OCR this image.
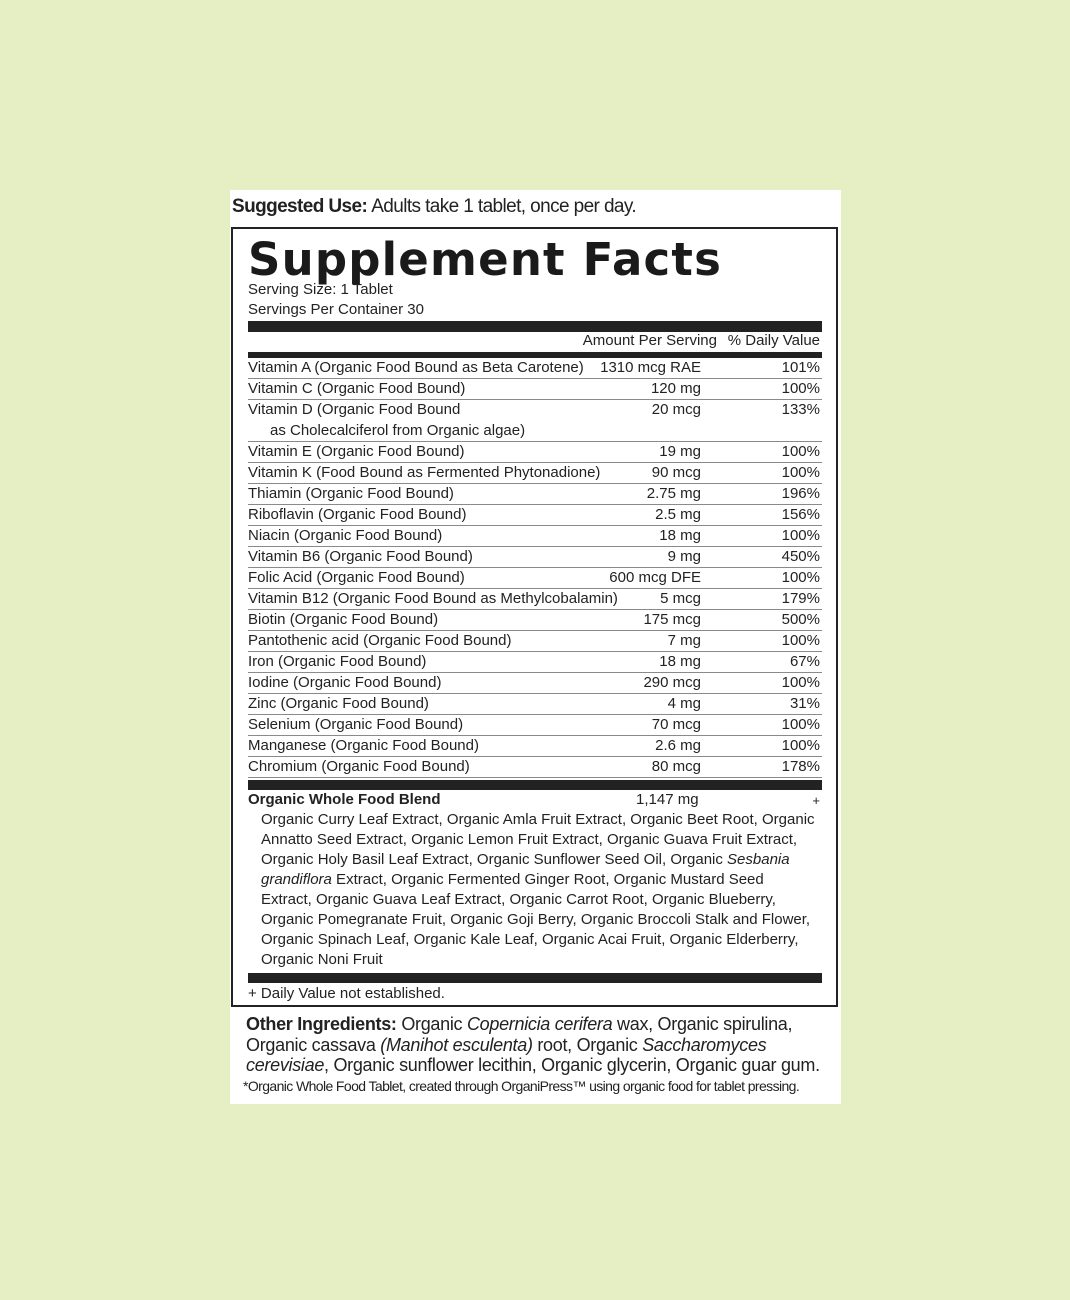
Suggested Use: Adults take 1 tablet, once per day.
Supplement Facts
Serving Size: 1 Tablet
Servings Per Container 30
Amount Per Serving % Daily Value
Vitamin A (Organic Food Bound as Beta Carotene) 1310 mcg RAE	101%
Vitamin C (Organic Food Bound)	120 mg	100%
Vitamin D (Organic Food Bound
as Cholecalciferol from Organic algae)
20 mcg	133%
Vitamin E (Organic Food Bound)	19 mg	100%
Vitamin K (Food Bound as Fermented Phytonadione)	90 mcg	100%
Thiamin (Organic Food Bound)	2.75 mg	196%
Riboflavin (Organic Food Bound)	2.5 mg	156%
Niacin (Organic Food Bound)	18 mg	100%
Vitamin B6 (Organic Food Bound)	9 mg	450%
Folic Acid (Organic Food Bound)	600 mcg DFE	100%
Vitamin B12 (Organic Food Bound as Methylcobalamin)	5 mcg	179%
Biotin (Organic Food Bound)	175 mcg	500%
Pantothenic acid (Organic Food Bound)	7 mg	100%
Iron (Organic Food Bound)	18 mg	67%
Iodine (Organic Food Bound)	290 mcg	100%
Zinc (Organic Food Bound)	4 mg	31%
Selenium (Organic Food Bound)	70 mcg	100%
Manganese (Organic Food Bound)	2.6 mg	100%
Chromium (Organic Food Bound)	80 mcg	178%
Organic Whole Food Blend	1,147 mg	+
Organic Curry Leaf Extract, Organic Amla Fruit Extract, Organic Beet Root, Organic Annatto Seed Extract, Organic Lemon Fruit Extract, Organic Guava Fruit Extract, Organic Holy Basil Leaf Extract, Organic Sunflower Seed Oil, Organic Sesbania grandiflora Extract, Organic Fermented Ginger Root, Organic Mustard Seed Extract, Organic Guava Leaf Extract, Organic Carrot Root, Organic Blueberry, Organic Pomegranate Fruit, Organic Goji Berry, Organic Broccoli Stalk and Flower, Organic Spinach Leaf, Organic Kale Leaf, Organic Acai Fruit, Organic Elderberry, Organic Noni Fruit
+ Daily Value not established.
Other Ingredients: Organic Copernicia cerifera wax, Organic spirulina, Organic cassava (Manihot esculenta) root, Organic Saccharomyces cerevisiae, Organic sunflower lecithin, Organic glycerin, Organic guar gum.
*Organic Whole Food Tablet, created through OrganiPress™ using organic food for tablet pressing.
